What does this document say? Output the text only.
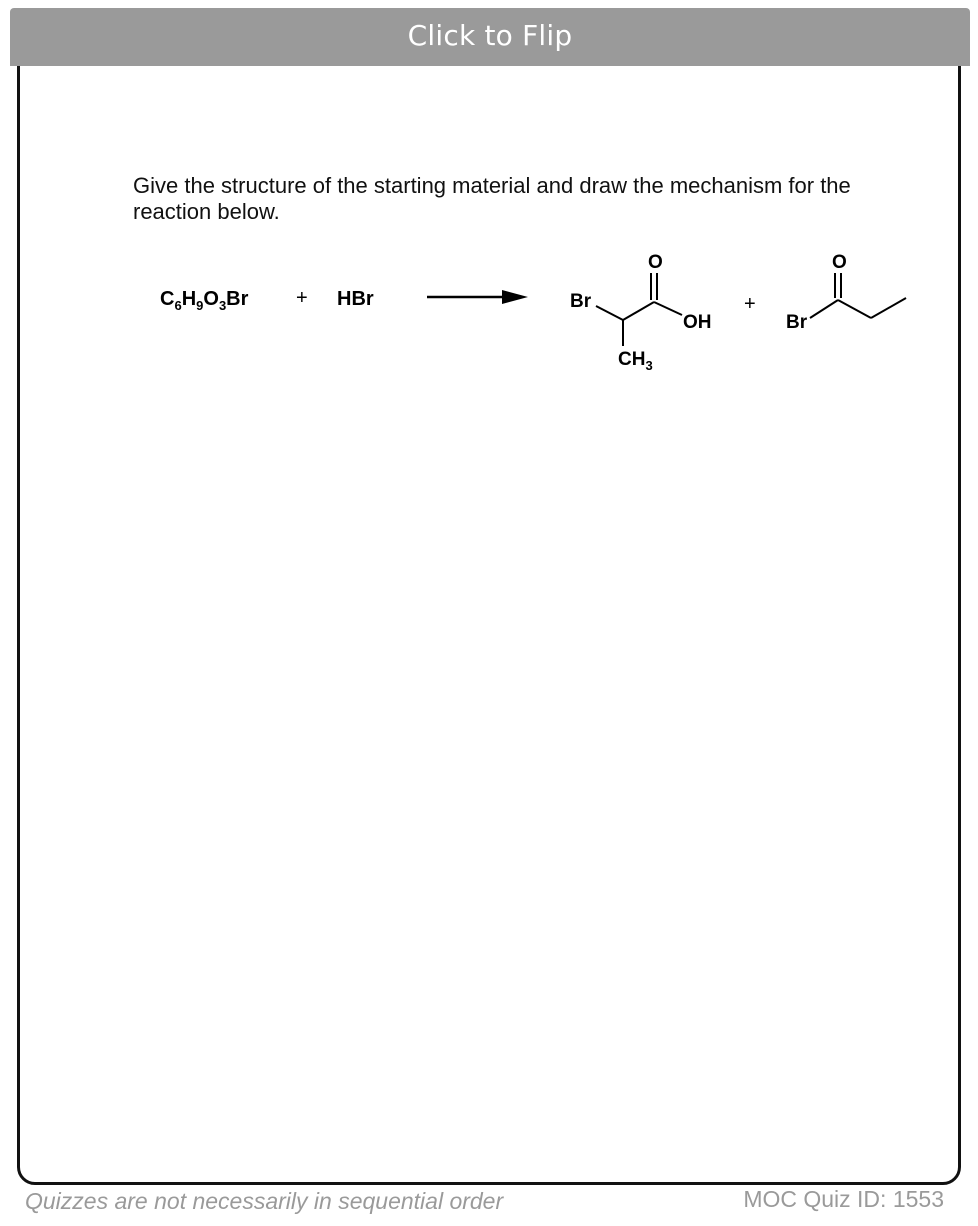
Click to Flip
Give the structure of the starting material and draw the mechanism for the reaction below.
$C_6H_9O_3Br$ + HBr	Br
O
OH
$CH_3$
+
O
Br
Quizzes are not necessarily in sequential order	MOC Quiz ID: 1553
